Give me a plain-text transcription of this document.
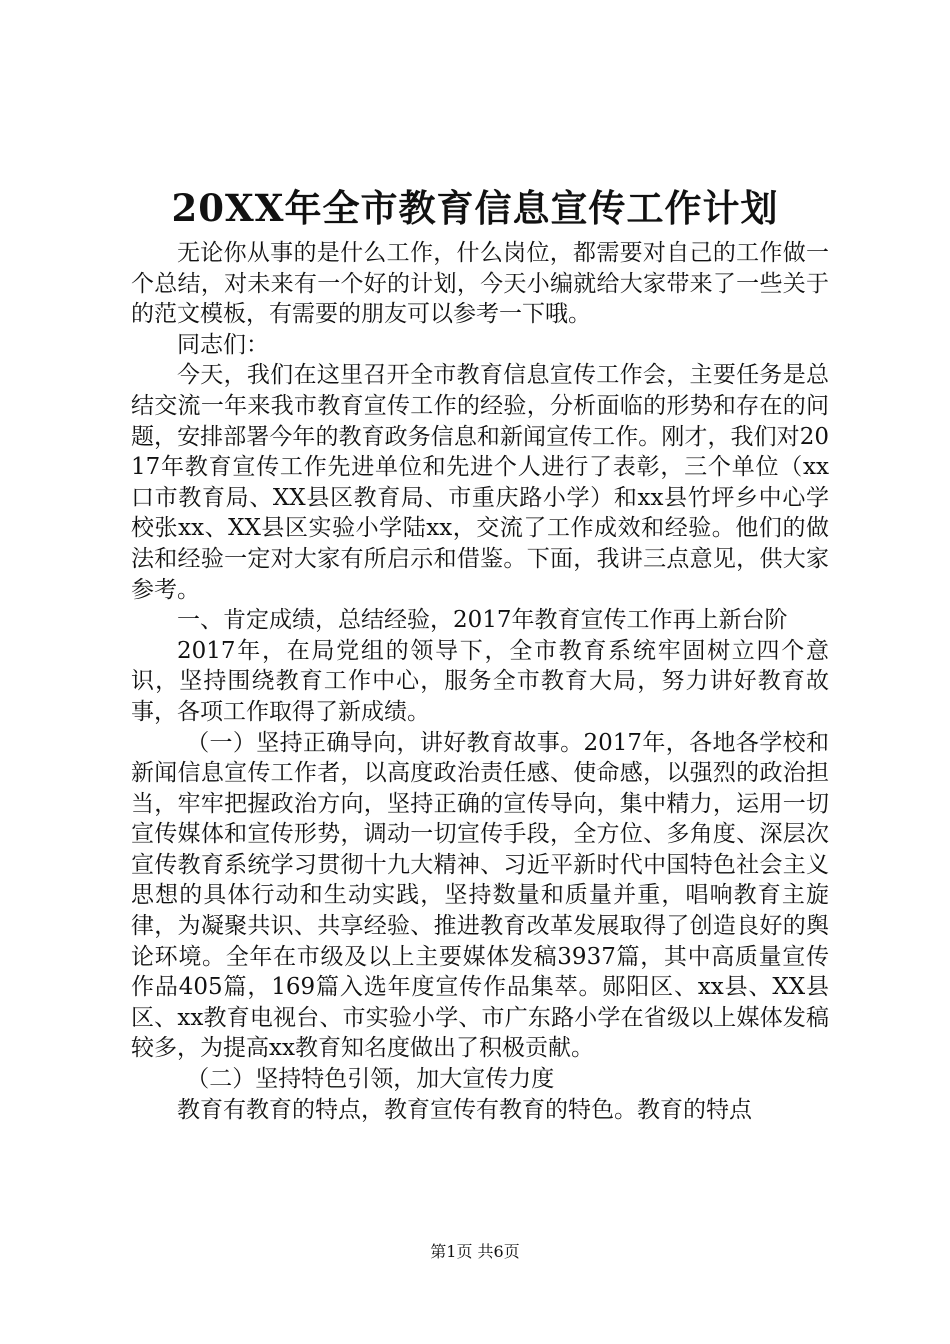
20XX年全市教育信息宣传工作计划

无论你从事的是什么工作，什么岗位，都需要对自己的工作做一个总结，对未来有一个好的计划，今天小编就给大家带来了一些关于的范文模板，有需要的朋友可以参考一下哦。

同志们：

今天，我们在这里召开全市教育信息宣传工作会，主要任务是总结交流一年来我市教育宣传工作的经验，分析面临的形势和存在的问题，安排部署今年的教育政务信息和新闻宣传工作。刚才，我们对2017年教育宣传工作先进单位和先进个人进行了表彰，三个单位（xx口市教育局、XX县区教育局、市重庆路小学）和xx县竹坪乡中心学校张xx、XX县区实验小学陆xx，交流了工作成效和经验。他们的做法和经验一定对大家有所启示和借鉴。下面，我讲三点意见，供大家参考。

一、肯定成绩，总结经验，2017年教育宣传工作再上新台阶

2017年，在局党组的领导下，全市教育系统牢固树立四个意识，坚持围绕教育工作中心，服务全市教育大局，努力讲好教育故事，各项工作取得了新成绩。

（一）坚持正确导向，讲好教育故事。2017年，各地各学校和新闻信息宣传工作者，以高度政治责任感、使命感，以强烈的政治担当，牢牢把握政治方向，坚持正确的宣传导向，集中精力，运用一切宣传媒体和宣传形势，调动一切宣传手段，全方位、多角度、深层次宣传教育系统学习贯彻十九大精神、习近平新时代中国特色社会主义思想的具体行动和生动实践，坚持数量和质量并重，唱响教育主旋律，为凝聚共识、共享经验、推进教育改革发展取得了创造良好的舆论环境。全年在市级及以上主要媒体发稿3937篇，其中高质量宣传作品405篇，169篇入选年度宣传作品集萃。郧阳区、xx县、XX县区、xx教育电视台、市实验小学、市广东路小学在省级以上媒体发稿较多，为提高xx教育知名度做出了积极贡献。

（二）坚持特色引领，加大宣传力度

教育有教育的特点，教育宣传有教育的特色。教育的特点

第1页 共6页
